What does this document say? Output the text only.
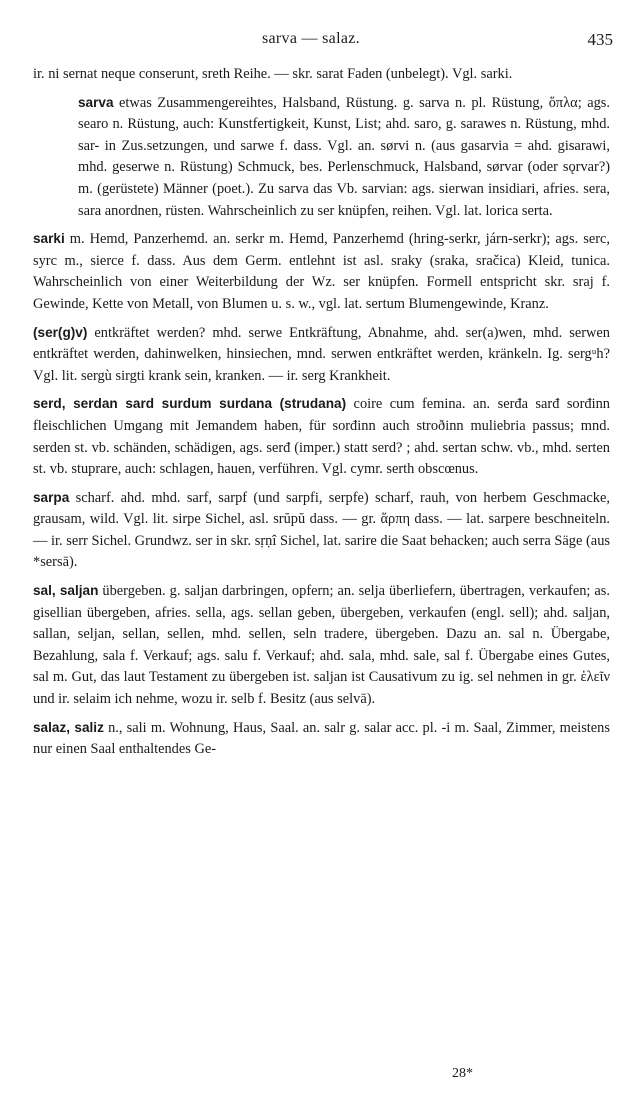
sarva — salaz.	435

ir. ni sernat neque conserunt, sreth Reihe. — skr. sarat Faden (unbelegt). Vgl. sarki.

sarva etwas Zusammengereihtes, Halsband, Rüstung. g. sarva n. pl. Rüstung, ὅπλα; ags. searo n. Rüstung, auch: Kunstfertigkeit, Kunst, List; ahd. saro, g. sarawes n. Rüstung, mhd. sar- in Zus.setzungen, und sarwe f. dass. Vgl. an. sørvi n. (aus gasarvia = ahd. gisarawi, mhd. geserwe n. Rüstung) Schmuck, bes. Perlenschmuck, Halsband, sørvar (oder sǫrvar?) m. (gerüstete) Männer (poet.). Zu sarva das Vb. sarvian: ags. sierwan insidiari, afries. sera, sara anordnen, rüsten. Wahrscheinlich zu ser knüpfen, reihen. Vgl. lat. lorica serta.

sarki m. Hemd, Panzerhemd. an. serkr m. Hemd, Panzerhemd (hring-serkr, járn-serkr); ags. serc, syrc m., sierce f. dass. Aus dem Germ. entlehnt ist asl. sraky (sraka, sračica) Kleid, tunica. Wahrscheinlich von einer Weiterbildung der Wz. ser knüpfen. Formell entspricht skr. sraj f. Gewinde, Kette von Metall, von Blumen u. s. w., vgl. lat. sertum Blumengewinde, Kranz.

(ser(g)v) entkräftet werden? mhd. serwe Entkräftung, Abnahme, ahd. ser(a)wen, mhd. serwen entkräftet werden, dahinwelken, hinsiechen, mnd. serwen entkräftet werden, kränkeln. Ig. sergᵘh? Vgl. lit. sergù sirgti krank sein, kranken. — ir. serg Krankheit.

serd, serdan sard surdum surdana (strudana) coire cum femina. an. serđa sarđ sorđinn fleischlichen Umgang mit Jemandem haben, für sorđinn auch stroðinn muliebria passus; mnd. serden st. vb. schänden, schädigen, ags. serđ (imper.) statt serd? ; ahd. sertan schw. vb., mhd. serten st. vb. stuprare, auch: schlagen, hauen, verführen. Vgl. cymr. serth obscœnus.

sarpa scharf. ahd. mhd. sarf, sarpf (und sarpfi, serpfe) scharf, rauh, von herbem Geschmacke, grausam, wild. Vgl. lit. sirpe Sichel, asl. srŭpŭ dass. — gr. ἅρπη dass. — lat. sarpere beschneiteln. — ir. serr Sichel. Grundwz. ser in skr. sṛṇî Sichel, lat. sarire die Saat behacken; auch serra Säge (aus *sersā).

sal, saljan übergeben. g. saljan darbringen, opfern; an. selja überliefern, übertragen, verkaufen; as. gisellian übergeben, afries. sella, ags. sellan geben, übergeben, verkaufen (engl. sell); ahd. saljan, sallan, seljan, sellan, sellen, mhd. sellen, seln tradere, übergeben. Dazu an. sal n. Übergabe, Bezahlung, sala f. Verkauf; ags. salu f. Verkauf; ahd. sala, mhd. sale, sal f. Übergabe eines Gutes, sal m. Gut, das laut Testament zu übergeben ist. saljan ist Causativum zu ig. sel nehmen in gr. ἑλεῖν und ir. selaim ich nehme, wozu ir. selb f. Besitz (aus selvā).

salaz, saliz n., sali m. Wohnung, Haus, Saal. an. salr g. salar acc. pl. -i m. Saal, Zimmer, meistens nur einen Saal enthaltendes Ge-

28*
